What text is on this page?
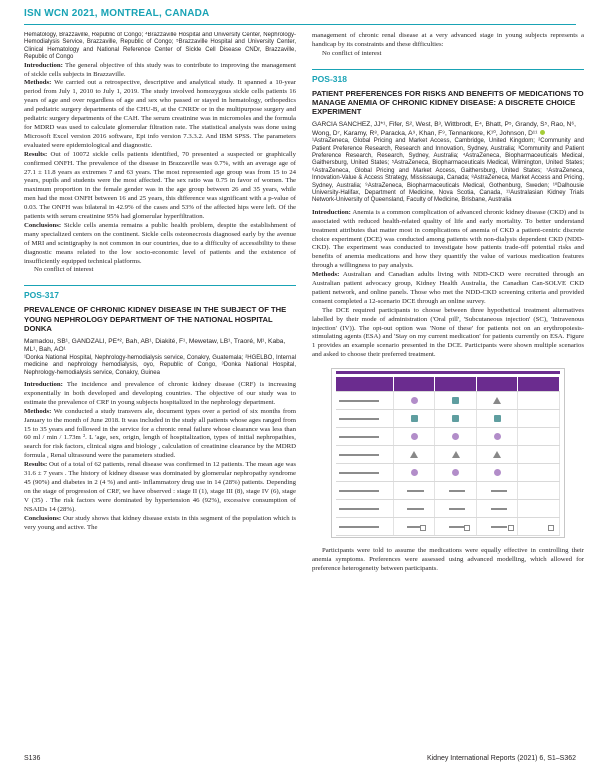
ISN WCN 2021, MONTREAL, CANADA

Hematology, Brazzaville, Republic of Congo; ⁴Brazzaville Hospital and University Center, Nephrology-Hemodialysis Service, Brazzaville, Republic of Congo; ⁵Brazzaville Hospital and University Center, Clinical Hematology and National Reference Center of Sickle Cell Disease CNDr, Brazzaville, Republic of Congo

Introduction: The general objective of this study was to contribute to improving the management of sickle cells subjects in Brazzaville.

Methods: We carried out a retrospective, descriptive and analytical study. It spanned a 10-year period from July 1, 2010 to July 1, 2019. The study involved homozygous sickle cells patients 16 years of age and over regardless of age and sex who passed or stayed in hematology, orthopedics and pediatric surgery departments of the CHU-B, at the CNRDr or in the multipurpose surgery and pediatric surgery departments of the CAH. The serum creatinine was in micromoles and the formula for MDRD was used to calculate glomerular filtration rate. The statistical analysis was done using Microsoft Excel version 2016 software, Epi info version 7.3.3.2. And IBM SPSS. The parameters evaluated were epidemiological and diagnostic.

Results: Out of 10072 sickle cells patients identified, 70 presented a suspected or graphically confirmed ONFH. The prevalence of the disease in Brazzaville was 0.7%, with an average age of 27.1 ± 11.8 years as extremes 7 and 63 years. The most represented age group was from 15 to 24 years, pupils and students were the most affected. The sex ratio was 0.75 in favor of women. The maximum proportion in the female gender was in the age group between 26 and 35 years, while men had the most ONFH between 16 and 25 years, this difference was significant with a p-value of 0.03. The ONFH was bilateral in 42.9% of the cases and 53% of the affected hips were left. Of the patients with serum creatinine 95% had glomerular hyperfiltration.

Conclusions: Sickle cells anemia remains a public health problem, despite the establishment of many specialized centers on the continent. Sickle cells osteonecrosis diagnosed early by the avenue of MRI and scintigraphy is not common in our countries, due to a difficulty of accessibility to these diagnostic means related to the low socio-economic level of patients and the existence of insufficiently equipped technical platforms.

No conflict of interest

POS-317
PREVALENCE OF CHRONIC KIDNEY DISEASE IN THE SUBJECT OF THE YOUNG NEPHROLOGY DEPARTMENT OF THE NATIONAL HOSPITAL DONKA
Mamadou, SB¹, GANDZALI, PE*², Bah, AB¹, Diakité, F¹, Mewetaw, LB¹, Traoré, M¹, Kaba, ML¹, Bah, AO¹
¹Donka National Hospital, Nephrology-hemodialysis service, Conakry, Guatemala; ²HGELBO, Internal medicine and nephrology hemodialysis, oyo, Republic of Congo, ³Donka National Hospital, Nephrology-hemodialysis service, Conakry, Guinea

Introduction: The incidence and prevalence of chronic kidney disease (CRF) is increasing exponentially in both developed and developing countries. The objective of our study was to estimate the prevalence of CRF in young subjects hospitalized in the nephrology department.

Methods: We conducted a study transvers ale, document types over a period of six months from January to the month of June 2018. It was included in the study all patients whose ages ranged from 15 to 35 years and followed in the service for a chronic renal failure whose clearance was less than 60 ml / min / 1.73m ². L 'age, sex, origin, length of hospitalization, types of initial nephropathies, search for risk factors, clinical signs and biology , calculation of creatinine clearance by the MDRD formula , Renal ultrasound were the parameters studied.

Results: Out of a total of 62 patients, renal disease was confirmed in 12 patients. The mean age was 31.6 ± 7 years . The history of kidney disease was dominated by glomerular nephropathy syndrome 45 (90%) and diabetes in 2 (4 %) and anti- inflammatory drug use in 14 (28%) patients. Depending on the stage of progression of CRF, we have observed : stage II (1), stage III (8), stage IV (6), stage V (35) . The risk factors were dominated by hypertension 46 (92%), excessive consumption of NSAIDs 14 (28%).

Conclusions: Our study shows that kidney disease exists in this segment of the population which is very young and active. The

management of chronic renal disease at a very advanced stage in young subjects represents a handicap by its constraints and these difficulties:

No conflict of interest

POS-318
PATIENT PREFERENCES FOR RISKS AND BENEFITS OF MEDICATIONS TO MANAGE ANEMIA OF CHRONIC KIDNEY DISEASE: A DISCRETE CHOICE EXPERIMENT
GARCIA SANCHEZ, JJ*¹, Fifer, S², West, B³, Wittbrodt, E⁴, Bhatt, P⁵, Grandy, S⁵, Rao, N⁶, Wong, D⁷, Karamy, R⁸, Paracka, A⁹, Khan, F⁹, Tennankore, K¹⁰, Johnson, D¹¹
¹AstraZeneca, Global Pricing and Market Access, Cambridge, United Kingdom; ²Community and Patient Preference Research, Research and Innovation, Sydney, Australia; ³Community and Patient Preference Research, Research, Sydney, Australia; ⁴AstraZeneca, Biopharmaceuticals Medical, Gaithersburg, United States; ⁵AstraZeneca, Biopharmaceuticals Medical, Wilmington, United States; ⁶AstraZeneca, Global Pricing and Market Access, Gaithersburg, United States; ⁷AstraZeneca, Innovation-Value & Access Strategy, Mississauga, Canada; ⁸AstraZeneca, Market Access and Pricing, Sydney, Australia; ⁹AstraZeneca, Biopharmaceuticals Medical, Gothenburg, Sweden; ¹⁰Dalhousie University-Halifax, Department of Medicine, Nova Scotia, Canada, ¹¹Australasian Kidney Trials Network-University of Queensland, Faculty of Medicine, Brisbane, Australia

Introduction: Anemia is a common complication of advanced chronic kidney disease (CKD) and is associated with reduced health-related quality of life and early mortality. To better understand treatment attributes that matter most in complications of anemia of CKD a patient-centric discrete choice experiment (DCE) was conducted among patients with non-dialysis dependent CKD (NDD-CKD). The experiment was conducted to investigate how patients trade-off potential risks and benefits of anemia medications and how they quantify the value of various medication features through a willingness to pay analysis.

Methods: Australian and Canadian adults living with NDD-CKD were recruited through an Australian patient advocacy group, Kidney Health Australia, the Canadian Can-SOLVE CKD patient network, and online panels. Those who met the NDD-CKD screening criteria and provided consent completed a 12-scenario DCE through an online survey.

The DCE required participants to choose between three hypothetical treatment alternatives labelled by their mode of administration ('Oral pill', 'Subcutaneous injection' (SC), 'Intravenous injection' (IV)). The opt-out option was 'None of these' for patients not on an erythropoiesis-stimulating agents (ESA) and 'Stay on my current medication' for patients currently on ESA. Figure 1 provides an example scenario presented in the DCE. Participants were shown multiple scenarios and asked to choose their preferred treatment.

Participants were told to assume the medications were equally effective in controlling their anemia symptoms. Preferences were assessed using advanced modelling, which allowed for preference heterogeneity between participants.

S136	Kidney International Reports (2021) 6, S1–S362
